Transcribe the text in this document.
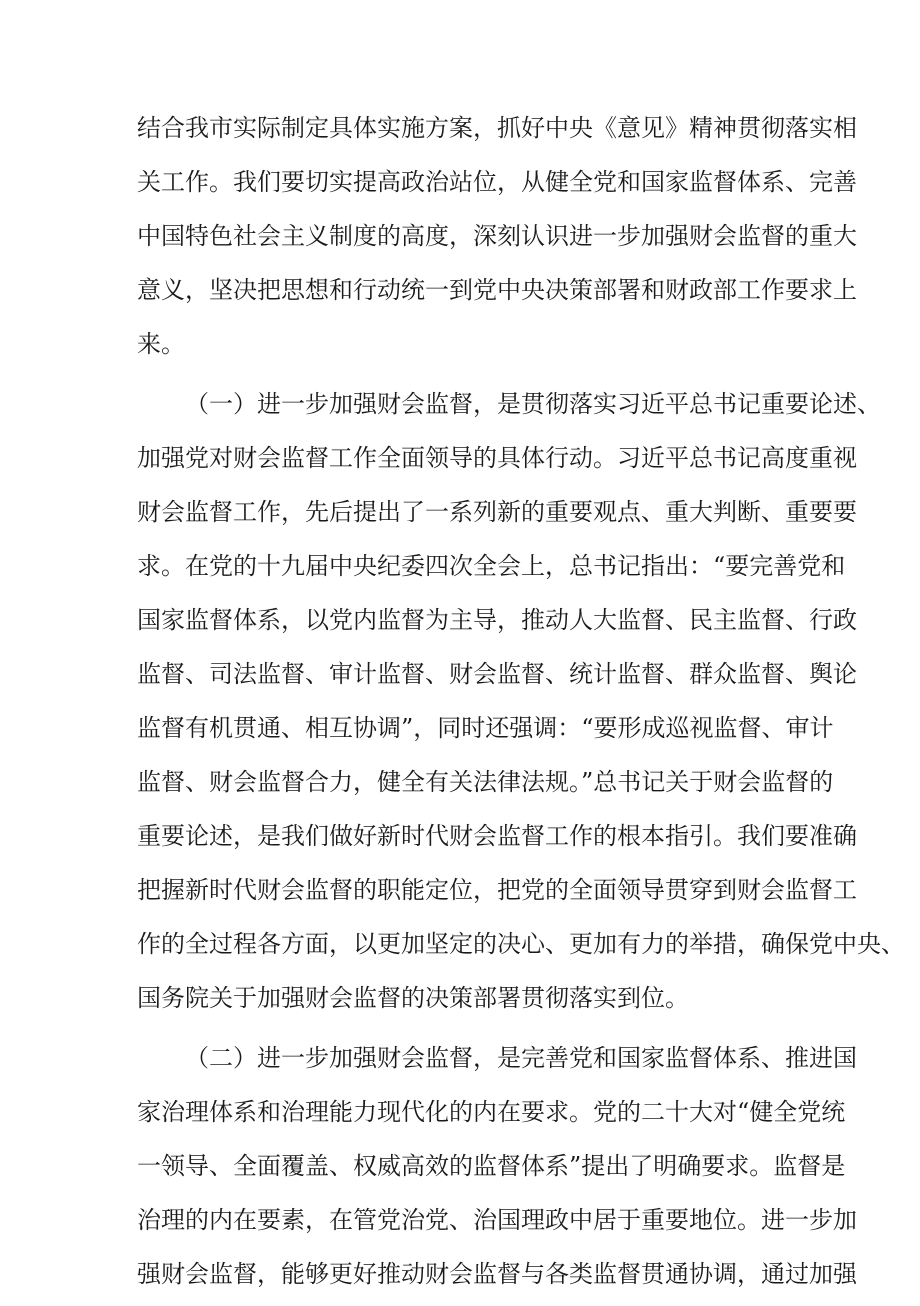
结合我市实际制定具体实施方案，抓好中央《意见》精神贯彻落实相
关工作。我们要切实提高政治站位，从健全党和国家监督体系、完善
中国特色社会主义制度的高度，深刻认识进一步加强财会监督的重大
意义，坚决把思想和行动统一到党中央决策部署和财政部工作要求上
来。
（一）进一步加强财会监督，是贯彻落实习近平总书记重要论述、
加强党对财会监督工作全面领导的具体行动。习近平总书记高度重视
财会监督工作，先后提出了一系列新的重要观点、重大判断、重要要
求。在党的十九届中央纪委四次全会上，总书记指出：“要完善党和
国家监督体系，以党内监督为主导，推动人大监督、民主监督、行政
监督、司法监督、审计监督、财会监督、统计监督、群众监督、舆论
监督有机贯通、相互协调”，同时还强调：“要形成巡视监督、审计
监督、财会监督合力，健全有关法律法规。”总书记关于财会监督的
重要论述，是我们做好新时代财会监督工作的根本指引。我们要准确
把握新时代财会监督的职能定位，把党的全面领导贯穿到财会监督工
作的全过程各方面，以更加坚定的决心、更加有力的举措，确保党中央、
国务院关于加强财会监督的决策部署贯彻落实到位。
（二）进一步加强财会监督，是完善党和国家监督体系、推进国
家治理体系和治理能力现代化的内在要求。党的二十大对“健全党统
一领导、全面覆盖、权威高效的监督体系”提出了明确要求。监督是
治理的内在要素，在管党治党、治国理政中居于重要地位。进一步加
强财会监督，能够更好推动财会监督与各类监督贯通协调，通过加强
